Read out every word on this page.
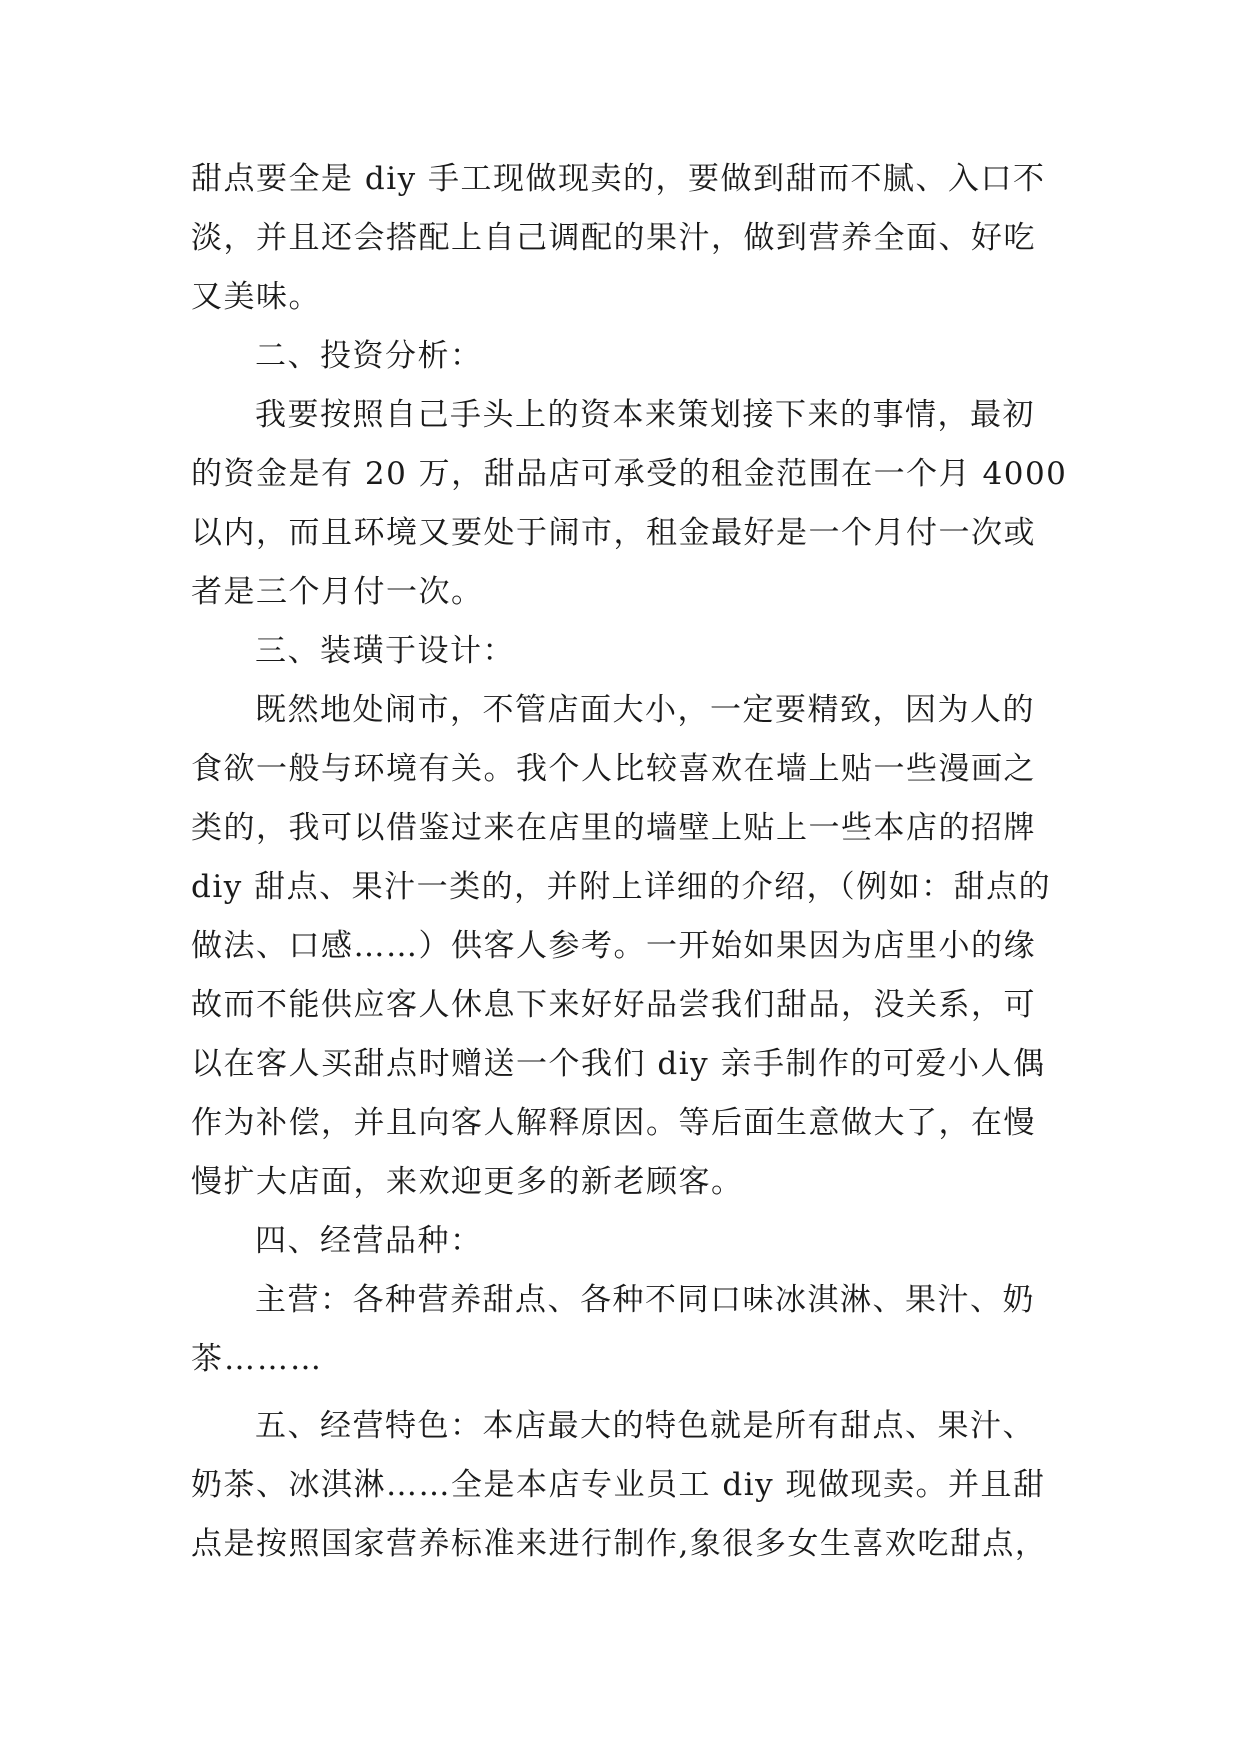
甜点要全是 diy 手工现做现卖的，要做到甜而不腻、入口不
淡，并且还会搭配上自己调配的果汁，做到营养全面、好吃
又美味。
二、投资分析：
我要按照自己手头上的资本来策划接下来的事情，最初
的资金是有 20 万，甜品店可承受的租金范围在一个月 4000
以内，而且环境又要处于闹市，租金最好是一个月付一次或
者是三个月付一次。
三、装璜于设计：
既然地处闹市，不管店面大小，一定要精致，因为人的
食欲一般与环境有关。我个人比较喜欢在墙上贴一些漫画之
类的，我可以借鉴过来在店里的墙壁上贴上一些本店的招牌
diy 甜点、果汁一类的，并附上详细的介绍，（例如：甜点的
做法、口感……）供客人参考。一开始如果因为店里小的缘
故而不能供应客人休息下来好好品尝我们甜品，没关系，可
以在客人买甜点时赠送一个我们 diy 亲手制作的可爱小人偶
作为补偿，并且向客人解释原因。等后面生意做大了，在慢
慢扩大店面，来欢迎更多的新老顾客。
四、经营品种：
主营：各种营养甜点、各种不同口味冰淇淋、果汁、奶
茶………
五、经营特色：本店最大的特色就是所有甜点、果汁、
奶茶、冰淇淋……全是本店专业员工 diy 现做现卖。并且甜
点是按照国家营养标准来进行制作,象很多女生喜欢吃甜点，
